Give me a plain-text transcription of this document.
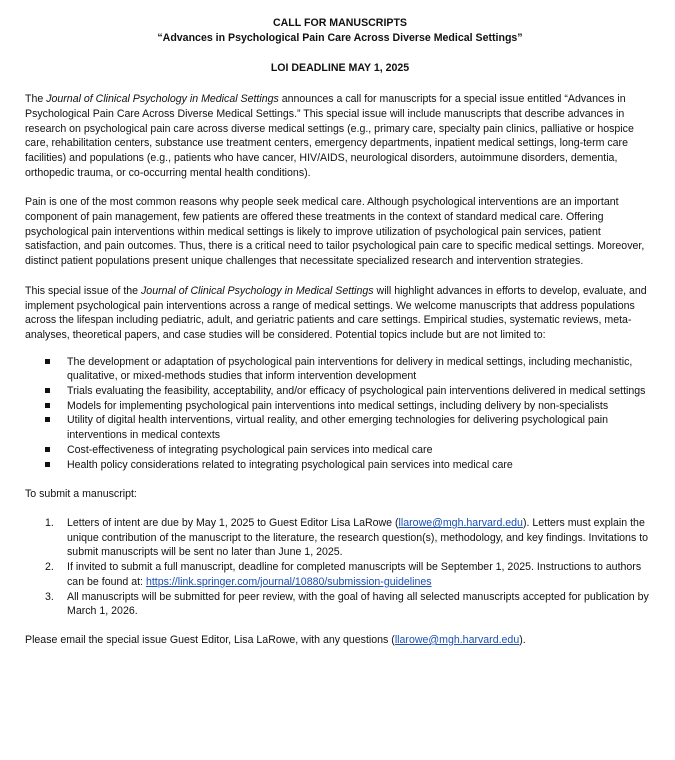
CALL FOR MANUSCRIPTS

“Advances in Psychological Pain Care Across Diverse Medical Settings”

LOI DEADLINE MAY 1, 2025

The Journal of Clinical Psychology in Medical Settings announces a call for manuscripts for a special issue entitled “Advances in Psychological Pain Care Across Diverse Medical Settings.” This special issue will include manuscripts that describe advances in research on psychological pain care across diverse medical settings (e.g., primary care, specialty pain clinics, palliative or hospice care, rehabilitation centers, substance use treatment centers, emergency departments, inpatient medical settings, long-term care facilities) and populations (e.g., patients who have cancer, HIV/AIDS, neurological disorders, autoimmune disorders, dementia, orthopedic trauma, or co-occurring mental health conditions).

Pain is one of the most common reasons why people seek medical care. Although psychological interventions are an important component of pain management, few patients are offered these treatments in the context of standard medical care. Offering psychological pain interventions within medical settings is likely to improve utilization of psychological pain services, patient satisfaction, and pain outcomes. Thus, there is a critical need to tailor psychological pain care to specific medical settings. Moreover, distinct patient populations present unique challenges that necessitate specialized research and intervention strategies.

This special issue of the Journal of Clinical Psychology in Medical Settings will highlight advances in efforts to develop, evaluate, and implement psychological pain interventions across a range of medical settings. We welcome manuscripts that address populations across the lifespan including pediatric, adult, and geriatric patients and care settings. Empirical studies, systematic reviews, meta-analyses, theoretical papers, and case studies will be considered. Potential topics include but are not limited to:

The development or adaptation of psychological pain interventions for delivery in medical settings, including mechanistic, qualitative, or mixed-methods studies that inform intervention development
Trials evaluating the feasibility, acceptability, and/or efficacy of psychological pain interventions delivered in medical settings
Models for implementing psychological pain interventions into medical settings, including delivery by non-specialists
Utility of digital health interventions, virtual reality, and other emerging technologies for delivering psychological pain interventions in medical contexts
Cost-effectiveness of integrating psychological pain services into medical care
Health policy considerations related to integrating psychological pain services into medical care

To submit a manuscript:

1. Letters of intent are due by May 1, 2025 to Guest Editor Lisa LaRowe (llarowe@mgh.harvard.edu). Letters must explain the unique contribution of the manuscript to the literature, the research question(s), methodology, and key findings. Invitations to submit manuscripts will be sent no later than June 1, 2025.
2. If invited to submit a full manuscript, deadline for completed manuscripts will be September 1, 2025. Instructions to authors can be found at: https://link.springer.com/journal/10880/submission-guidelines
3. All manuscripts will be submitted for peer review, with the goal of having all selected manuscripts accepted for publication by March 1, 2026.

Please email the special issue Guest Editor, Lisa LaRowe, with any questions (llarowe@mgh.harvard.edu).
